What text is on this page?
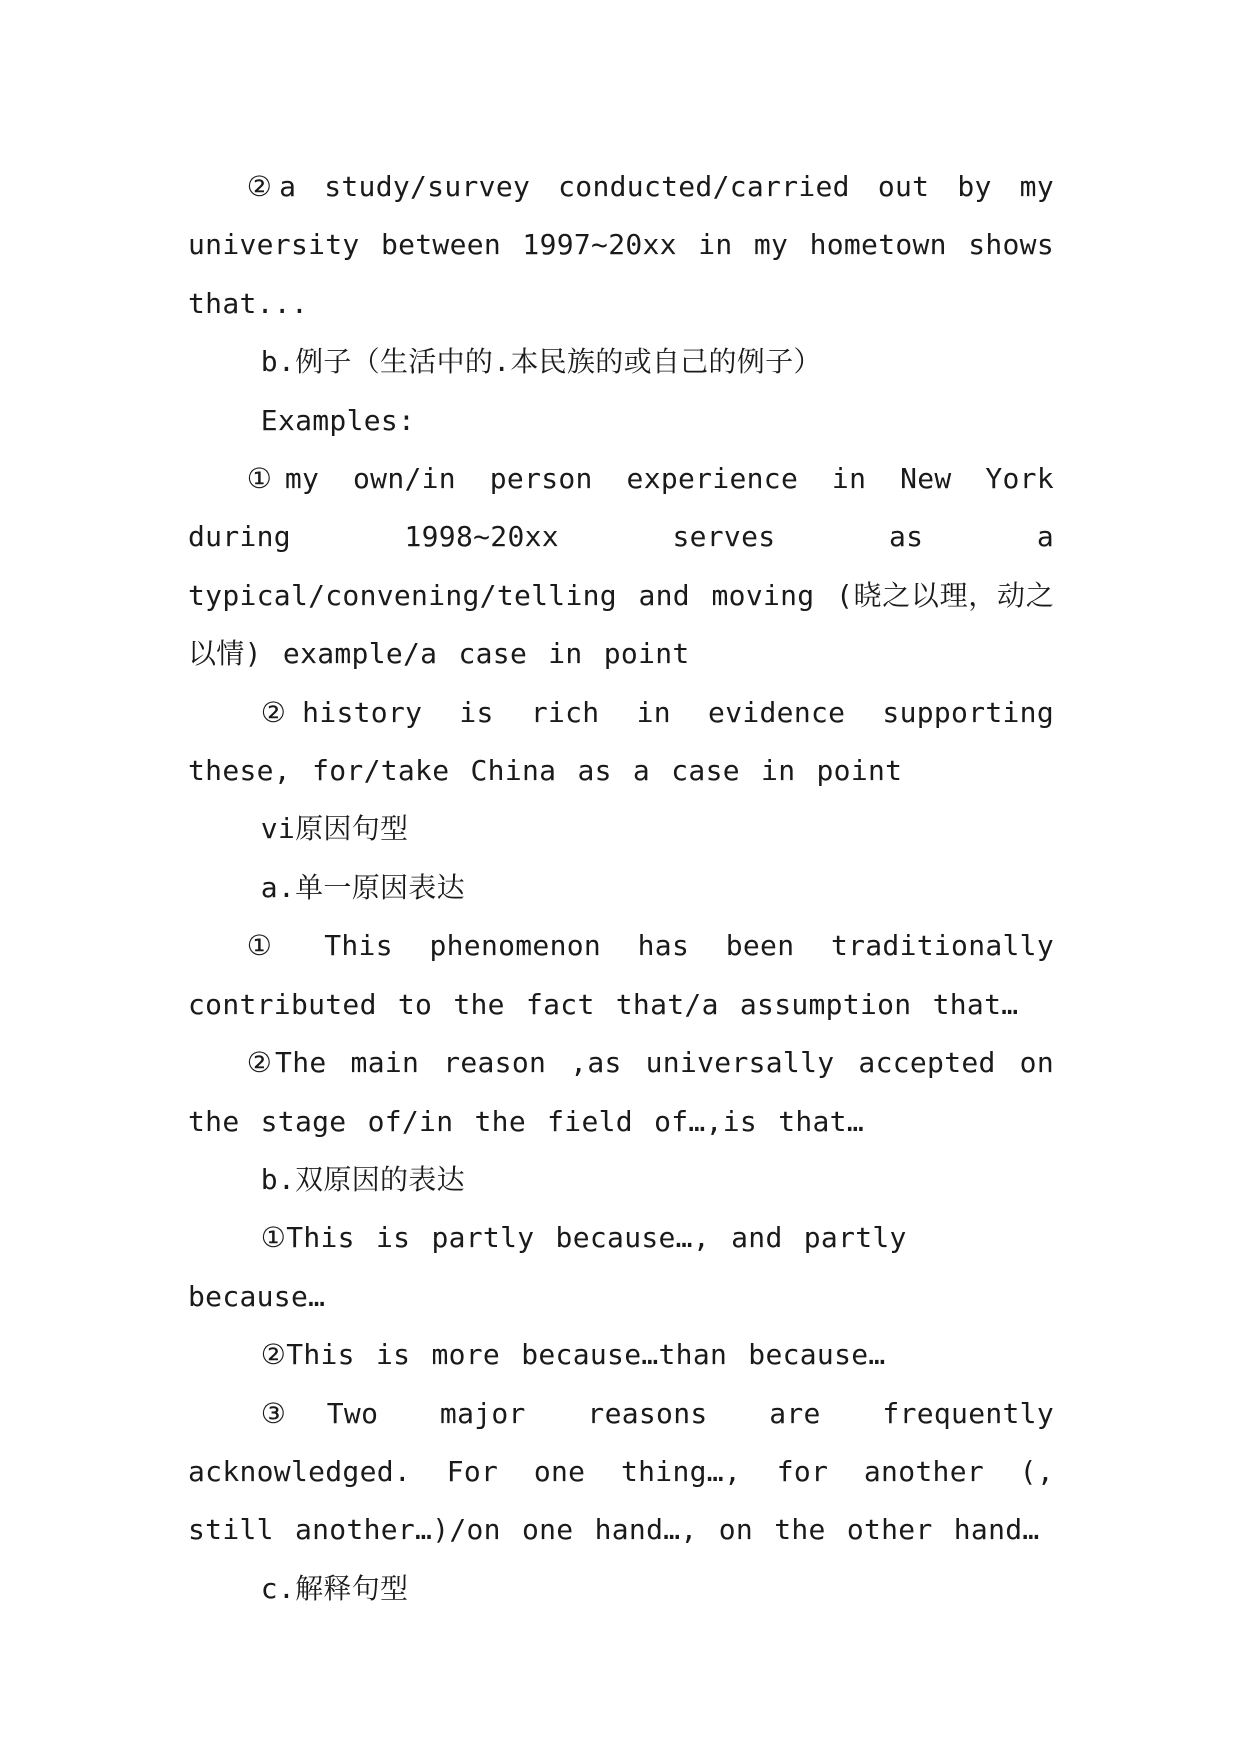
②a study/survey conducted/carried out by my university between 1997~20xx in my hometown shows that...

b.例子（生活中的.本民族的或自己的例子）

Examples:

①my own/in person experience in New York during 1998~20xx serves as a typical/convening/telling and moving (晓之以理，动之以情) example/a case in point

②history is rich in evidence supporting these, for/take China as a case in point

vi原因句型

a.单一原因表达

① This phenomenon has been traditionally contributed to the fact that/a assumption that…

②The main reason ,as universally accepted on the stage of/in the field of…,is that…

b.双原因的表达

①This is partly because…, and partly because…

②This is more because…than because…

③Two major reasons are frequently acknowledged. For one thing…, for another (, still another…)/on one hand…, on the other hand…

c.解释句型
